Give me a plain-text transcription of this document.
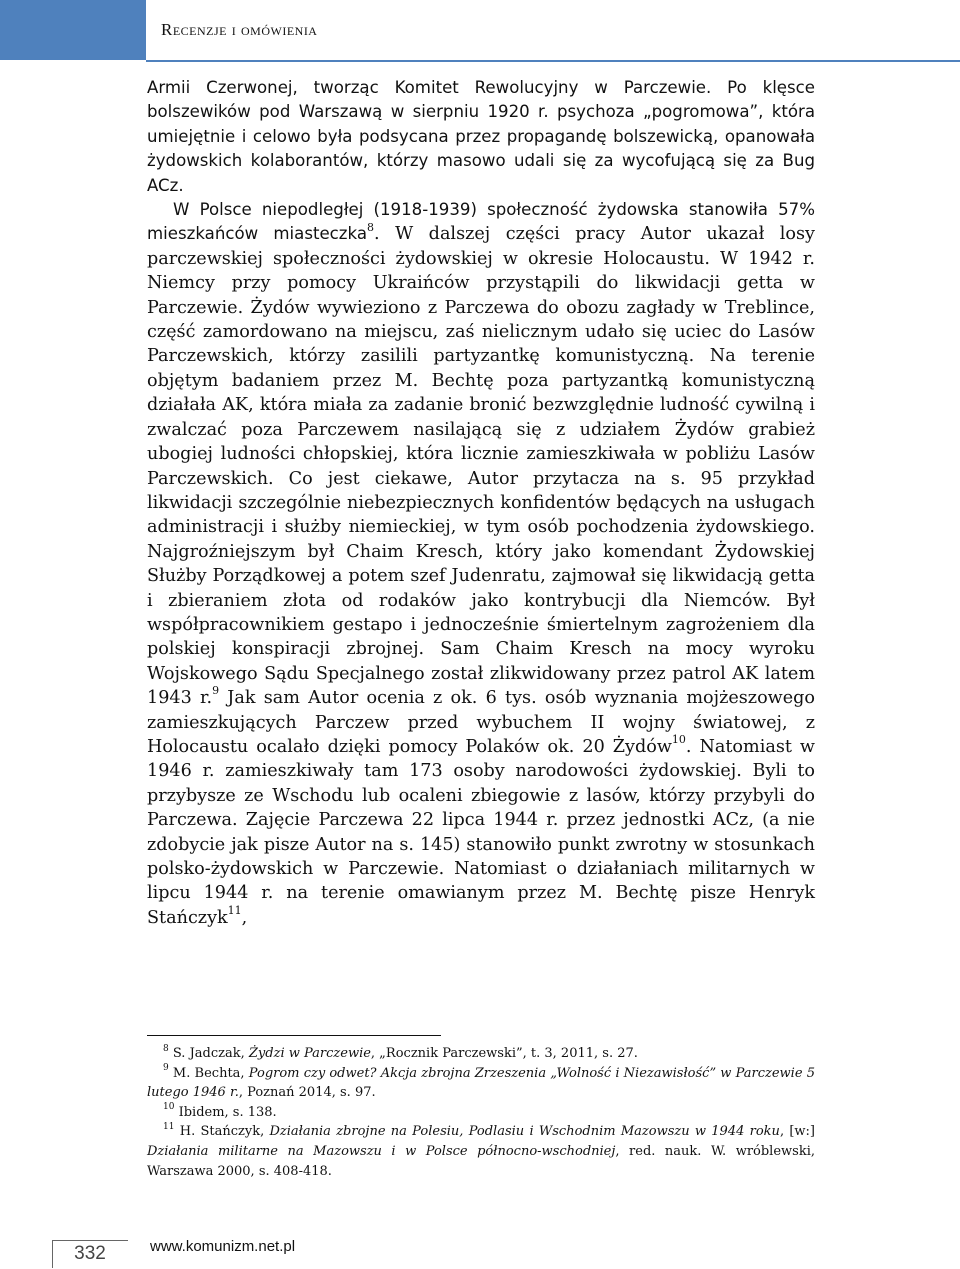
Recenzje i omówienia

Armii Czerwonej, tworząc Komitet Rewolucyjny w Parczewie. Po klęsce bolszewików pod Warszawą w sierpniu 1920 r. psychoza „pogromowa”, która umiejętnie i celowo była podsycana przez propagandę bolszewicką, opanowała żydowskich kolaborantów, którzy masowo udali się za wycofującą się za Bug ACz.

W Polsce niepodległej (1918-1939) społeczność żydowska stanowiła 57% mieszkańców miasteczka$^8$. W dalszej części pracy Autor ukazał losy parczewskiej społeczności żydowskiej w okresie Holocaustu. W 1942 r. Niemcy przy pomocy Ukraińców przystąpili do likwidacji getta w Parczewie. Żydów wywieziono z Parczewa do obozu zagłady w Treblince, część zamordowano na miejscu, zaś nielicznym udało się uciec do Lasów Parczewskich, którzy zasilili partyzantkę komunistyczną. Na terenie objętym badaniem przez M. Bechtę poza partyzantką komunistyczną działała AK, która miała za zadanie bronić bezwzględnie ludność cywilną i zwalczać poza Parczewem nasilającą się z udziałem Żydów grabież ubogiej ludności chłopskiej, która licznie zamieszkiwała w pobliżu Lasów Parczewskich. Co jest ciekawe, Autor przytacza na s. 95 przykład likwidacji szczególnie niebezpiecznych konfidentów będących na usługach administracji i służby niemieckiej, w tym osób pochodzenia żydowskiego. Najgroźniejszym był Chaim Kresch, który jako komendant Żydowskiej Służby Porządkowej a potem szef Judenratu, zajmował się likwidacją getta i zbieraniem złota od rodaków jako kontrybucji dla Niemców. Był współpracownikiem gestapo i jednocześnie śmiertelnym zagrożeniem dla polskiej konspiracji zbrojnej. Sam Chaim Kresch na mocy wyroku Wojskowego Sądu Specjalnego został zlikwidowany przez patrol AK latem 1943 r.$^9$ Jak sam Autor ocenia z ok. 6 tys. osób wyznania mojżeszowego zamieszkujących Parczew przed wybuchem II wojny światowej, z Holocaustu ocalało dzięki pomocy Polaków ok. 20 Żydów$^{10}$. Natomiast w 1946 r. zamieszkiwały tam 173 osoby narodowości żydowskiej. Byli to przybysze ze Wschodu lub ocaleni zbiegowie z lasów, którzy przybyli do Parczewa. Zajęcie Parczewa 22 lipca 1944 r. przez jednostki ACz, (a nie zdobycie jak pisze Autor na s. 145) stanowiło punkt zwrotny w stosunkach polsko-żydowskich w Parczewie. Natomiast o działaniach militarnych w lipcu 1944 r. na terenie omawianym przez M. Bechtę pisze Henryk Stańczyk$^{11}$,

$^8$ S. Jadczak, Żydzi w Parczewie, „Rocznik Parczewski”, t. 3, 2011, s. 27.

$^9$ M. Bechta, Pogrom czy odwet? Akcja zbrojna Zrzeszenia „Wolność i Niezawisłość” w Parczewie 5 lutego 1946 r., Poznań 2014, s. 97.

$^{10}$ Ibidem, s. 138.

$^{11}$ H. Stańczyk, Działania zbrojne na Polesiu, Podlasiu i Wschodnim Mazowszu w 1944 roku, [w:] Działania militarne na Mazowszu i w Polsce północno-wschodniej, red. nauk. W. wróblewski, Warszawa 2000, s. 408-418.

332	www.komunizm.net.pl
